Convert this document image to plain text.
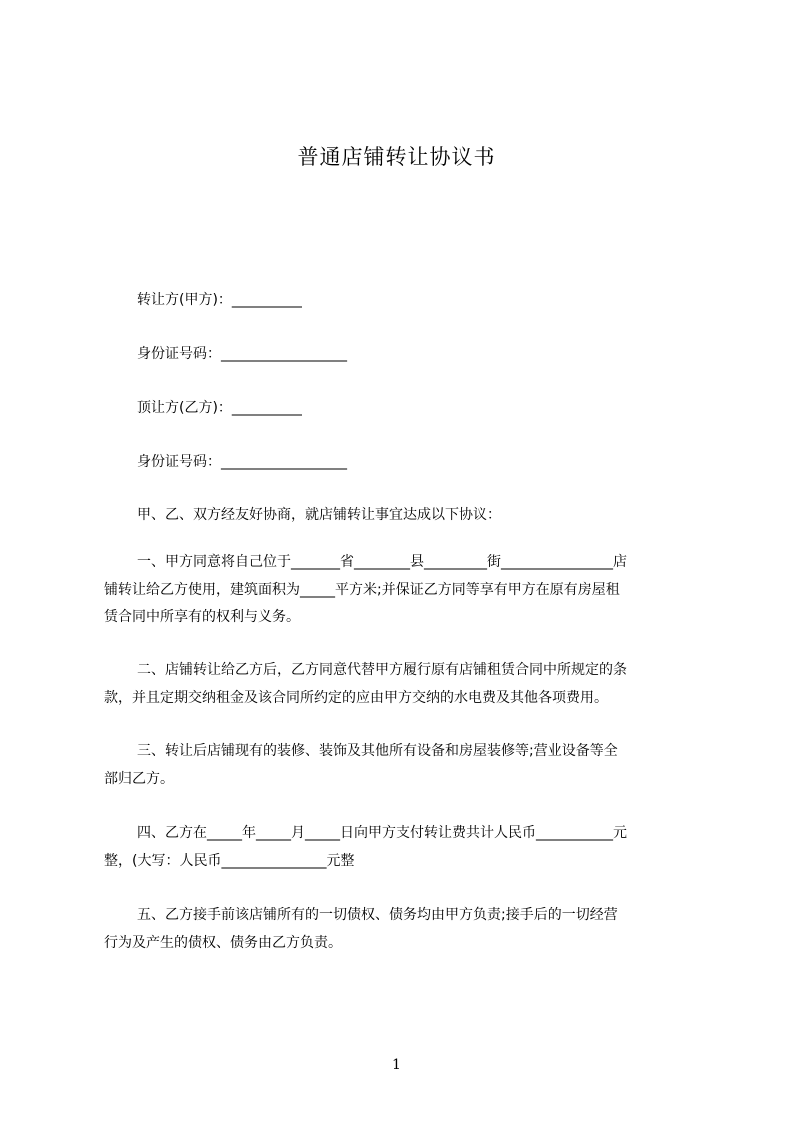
普通店铺转让协议书
转让方(甲方)：__________
身份证号码：__________________
顶让方(乙方)：__________
身份证号码：__________________
甲、乙、双方经友好协商，就店铺转让事宜达成以下协议：
一、甲方同意将自己位于_______省________县_________街________________店
铺转让给乙方使用，建筑面积为_____平方米;并保证乙方同等享有甲方在原有房屋租
赁合同中所享有的权利与义务。
二、店铺转让给乙方后，乙方同意代替甲方履行原有店铺租赁合同中所规定的条
款，并且定期交纳租金及该合同所约定的应由甲方交纳的水电费及其他各项费用。
三、转让后店铺现有的装修、装饰及其他所有设备和房屋装修等;营业设备等全
部归乙方。
四、乙方在_____年_____月_____日向甲方支付转让费共计人民币___________元
整，(大写：人民币_______________元整
五、乙方接手前该店铺所有的一切债权、债务均由甲方负责;接手后的一切经营
行为及产生的债权、债务由乙方负责。
1
